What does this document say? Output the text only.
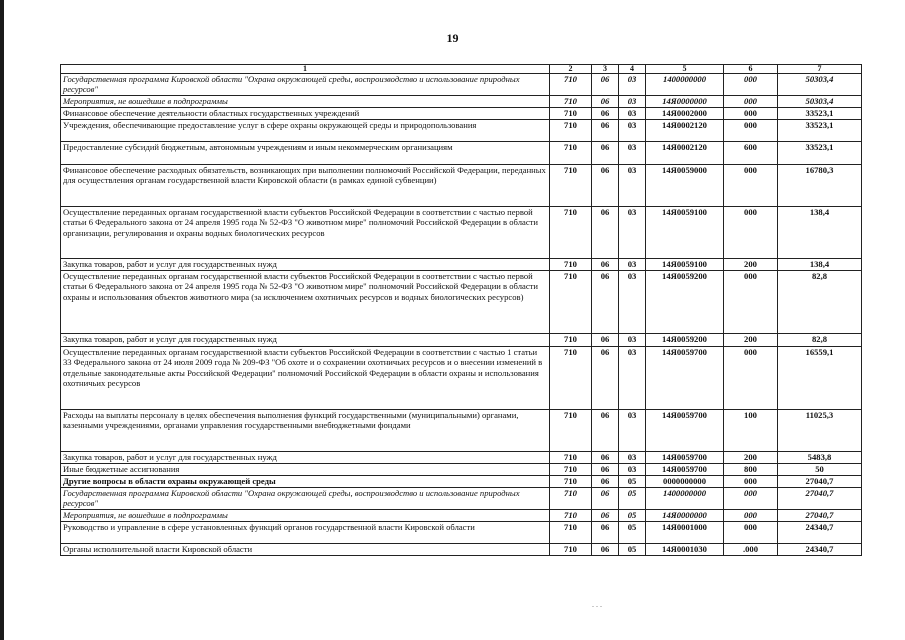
19
1	2	3	4	5	6	7
Государственная программа Кировской области "Охрана окружающей среды, воспроизводство и использование природных ресурсов"	710	06	03	1400000000	000	50303,4
Мероприятия, не вошедшие в подпрограммы	710	06	03	14Я0000000	000	50303,4
Финансовое обеспечение деятельности областных государственных учреждений	710	06	03	14Я0002000	000	33523,1
Учреждения, обеспечивающие предоставление услуг в сфере охраны окружающей среды и природопользования	710	06	03	14Я0002120	000	33523,1
Предоставление субсидий бюджетным, автономным учреждениям и иным некоммерческим организациям	710	06	03	14Я0002120	600	33523,1
Финансовое обеспечение расходных обязательств, возникающих при выполнении полномочий Российской Федерации, переданных для осуществления органам государственной власти Кировской области (в рамках единой субвенции)	710	06	03	14Я0059000	000	16780,3
Осуществление переданных органам государственной власти субъектов Российской Федерации в соответствии с частью первой статьи 6 Федерального закона от 24 апреля 1995 года № 52-ФЗ "О животном мире" полномочий Российской Федерации в области организации, регулирования и охраны водных биологических ресурсов	710	06	03	14Я0059100	000	138,4
Закупка товаров, работ и услуг для государственных нужд	710	06	03	14Я0059100	200	138,4
Осуществление переданных органам государственной власти субъектов Российской Федерации в соответствии с частью первой статьи 6 Федерального закона от 24 апреля 1995 года № 52-ФЗ "О животном мире" полномочий Российской Федерации в области охраны и использования объектов животного мира (за исключением охотничьих ресурсов и водных биологических ресурсов)	710	06	03	14Я0059200	000	82,8
Закупка товаров, работ и услуг для государственных нужд	710	06	03	14Я0059200	200	82,8
Осуществление переданных органам государственной власти субъектов Российской Федерации в соответствии с частью 1 статьи 33 Федерального закона от 24 июля 2009 года № 209-ФЗ "Об охоте и о сохранении охотничьих ресурсов и о внесении изменений в отдельные законодательные акты Российской Федерации" полномочий Российской Федерации в области охраны и использования охотничьих ресурсов	710	06	03	14Я0059700	000	16559,1
Расходы на выплаты персоналу в целях обеспечения выполнения функций государственными (муниципальными) органами, казенными учреждениями, органами управления государственными внебюджетными фондами	710	06	03	14Я0059700	100	11025,3
Закупка товаров, работ и услуг для государственных нужд	710	06	03	14Я0059700	200	5483,8
Иные бюджетные ассигнования	710	06	03	14Я0059700	800	50
Другие вопросы в области охраны окружающей среды	710	06	05	0000000000	000	27040,7
Государственная программа Кировской области "Охрана окружающей среды, воспроизводство и использование природных ресурсов"	710	06	05	1400000000	000	27040,7
Мероприятия, не вошедшие в подпрограммы	710	06	05	14Я0000000	000	27040,7
Руководство и управление в сфере установленных функций органов государственной власти Кировской области	710	06	05	14Я0001000	000	24340,7
Органы исполнительной власти Кировской области	710	06	05	14Я0001030	.000	24340,7
. . .
